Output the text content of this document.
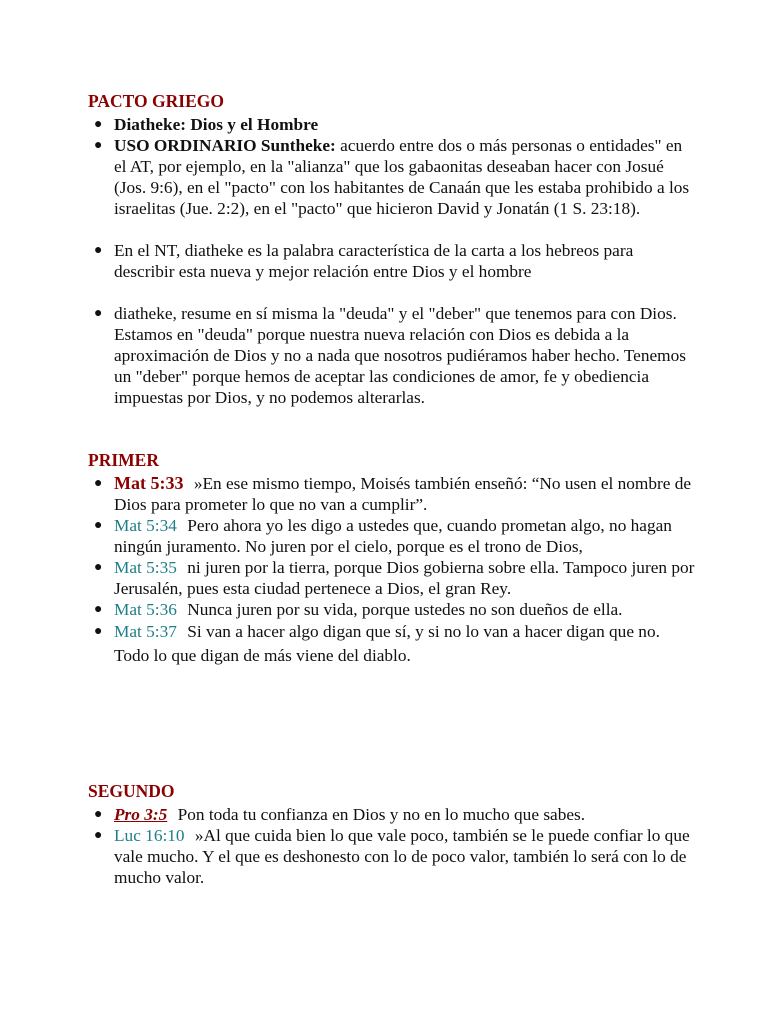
PACTO GRIEGO
● Diatheke: Dios y el Hombre
● USO ORDINARIO Suntheke: acuerdo entre dos o más personas o entidades" en el AT, por ejemplo, en la "alianza" que los gabaonitas deseaban hacer con Josué (Jos. 9:6), en el "pacto" con los habitantes de Canaán que les estaba prohibido a los israelitas (Jue. 2:2), en el "pacto" que hicieron David y Jonatán (1 S. 23:18).
● En el NT, diatheke es la palabra característica de la carta a los hebreos para describir esta nueva y mejor relación entre Dios y el hombre
● diatheke, resume en sí misma la "deuda" y el "deber" que tenemos para con Dios. Estamos en "deuda" porque nuestra nueva relación con Dios es debida a la aproximación de Dios y no a nada que nosotros pudiéramos haber hecho. Tenemos un "deber" porque hemos de aceptar las condiciones de amor, fe y obediencia impuestas por Dios, y no podemos alterarlas.
PRIMER
● Mat 5:33 »En ese mismo tiempo, Moisés también enseñó: “No usen el nombre de Dios para prometer lo que no van a cumplir”.
● Mat 5:34 Pero ahora yo les digo a ustedes que, cuando prometan algo, no hagan ningún juramento. No juren por el cielo, porque es el trono de Dios,
● Mat 5:35 ni juren por la tierra, porque Dios gobierna sobre ella. Tampoco juren por Jerusalén, pues esta ciudad pertenece a Dios, el gran Rey.
● Mat 5:36 Nunca juren por su vida, porque ustedes no son dueños de ella.
● Mat 5:37 Si van a hacer algo digan que sí, y si no lo van a hacer digan que no. Todo lo que digan de más viene del diablo.
SEGUNDO
● Pro 3:5 Pon toda tu confianza en Dios y no en lo mucho que sabes.
● Luc 16:10 »Al que cuida bien lo que vale poco, también se le puede confiar lo que vale mucho. Y el que es deshonesto con lo de poco valor, también lo será con lo de mucho valor.
